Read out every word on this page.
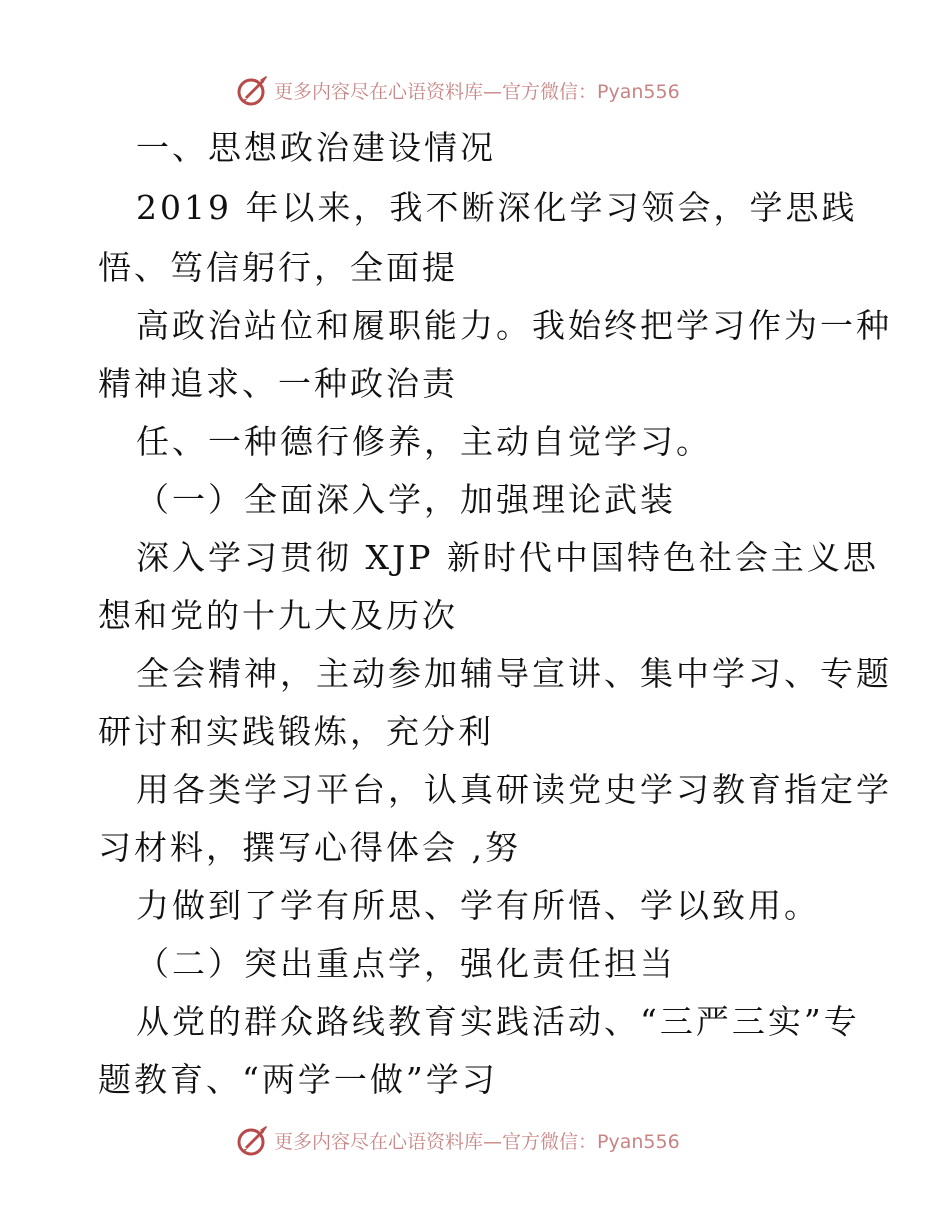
更多内容尽在心语资料库—官方微信：Pyan556
一、思想政治建设情况
2019 年以来，我不断深化学习领会，学思践
悟、笃信躬行，全面提
高政治站位和履职能力。我始终把学习作为一种
精神追求、一种政治责
任、一种德行修养，主动自觉学习。
（一）全面深入学，加强理论武装
深入学习贯彻 XJP 新时代中国特色社会主义思
想和党的十九大及历次
全会精神，主动参加辅导宣讲、集中学习、专题
研讨和实践锻炼，充分利
用各类学习平台，认真研读党史学习教育指定学
习材料，撰写心得体会 ,努
力做到了学有所思、学有所悟、学以致用。
（二）突出重点学，强化责任担当
从党的群众路线教育实践活动、“三严三实”专
题教育、“两学一做”学习
更多内容尽在心语资料库—官方微信：Pyan556
